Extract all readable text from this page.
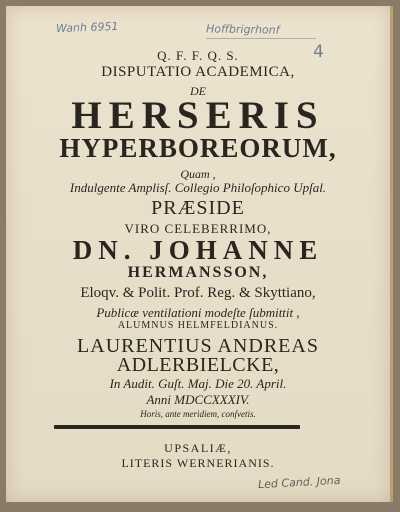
Wanh 6951	Hoffbrigrhonf
4
Q. F. F. Q. S.
DISPUTATIO ACADEMICA,
DE
HERSERIS
HYPERBOREORUM,
Quam ,
Indulgente Amplisſ. Collegio Philoſophico Upſal.
PRÆSIDE
VIRO CELEBERRIMO,
DN. JOHANNE
HERMANSSON,
Eloqv. & Polit. Prof. Reg. & Skyttiano,
Publicæ ventilationi modeſte ſubmittit ,
ALUMNUS HELMFELDIANUS.
LAURENTIUS ANDREAS
ADLERBIELCKE,
In Audit. Guſt. Maj. Die 20. April.
Anni MDCCXXXIV.
Horis, ante meridiem, conſvetis.
UPSALIÆ,
LITERIS WERNERIANIS.
Led Cand. Jona
